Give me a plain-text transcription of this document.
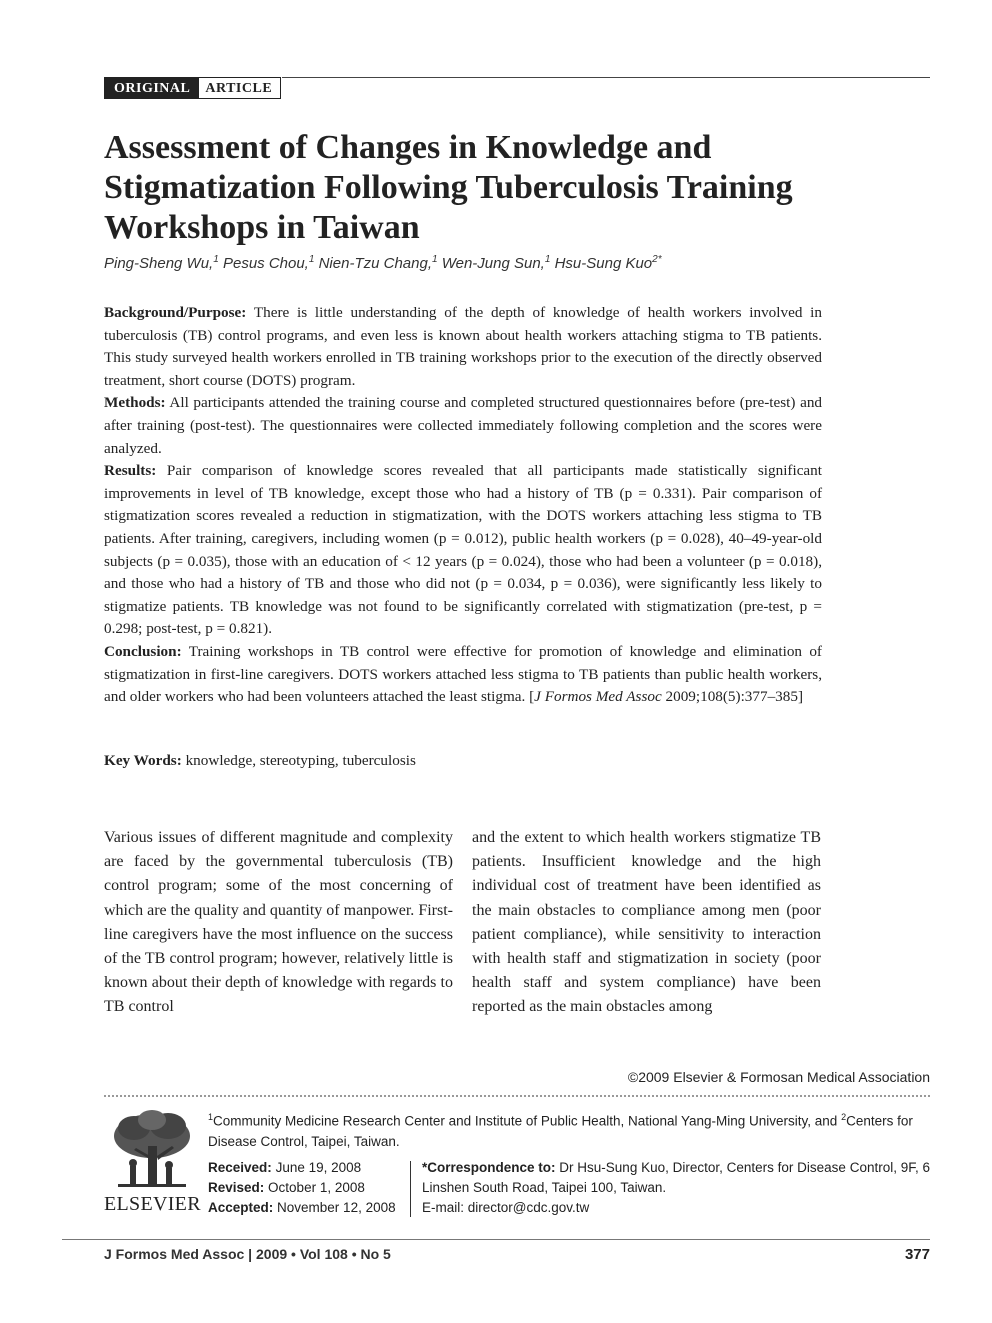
ORIGINAL	ARTICLE
Assessment of Changes in Knowledge and Stigmatization Following Tuberculosis Training Workshops in Taiwan
Ping-Sheng Wu,$^1$ Pesus Chou,$^1$ Nien-Tzu Chang,$^1$ Wen-Jung Sun,$^1$ Hsu-Sung Kuo$^{2*}$

Background/Purpose: There is little understanding of the depth of knowledge of health workers involved in tuberculosis (TB) control programs, and even less is known about health workers attaching stigma to TB patients. This study surveyed health workers enrolled in TB training workshops prior to the execution of the directly observed treatment, short course (DOTS) program.

Methods: All participants attended the training course and completed structured questionnaires before (pre-test) and after training (post-test). The questionnaires were collected immediately following completion and the scores were analyzed.

Results: Pair comparison of knowledge scores revealed that all participants made statistically significant improvements in level of TB knowledge, except those who had a history of TB (p = 0.331). Pair comparison of stigmatization scores revealed a reduction in stigmatization, with the DOTS workers attaching less stigma to TB patients. After training, caregivers, including women (p = 0.012), public health workers (p = 0.028), 40–49-year-old subjects (p = 0.035), those with an education of < 12 years (p = 0.024), those who had been a volunteer (p = 0.018), and those who had a history of TB and those who did not (p = 0.034, p = 0.036), were significantly less likely to stigmatize patients. TB knowledge was not found to be significantly correlated with stigmatization (pre-test, p = 0.298; post-test, p = 0.821).

Conclusion: Training workshops in TB control were effective for promotion of knowledge and elimination of stigmatization in first-line caregivers. DOTS workers attached less stigma to TB patients than public health workers, and older workers who had been volunteers attached the least stigma. [J Formos Med Assoc 2009;108(5):377–385]

Key Words: knowledge, stereotyping, tuberculosis
Various issues of different magnitude and complexity are faced by the governmental tuberculosis (TB) control program; some of the most concerning of which are the quality and quantity of manpower. First-line caregivers have the most influence on the success of the TB control program; however, relatively little is known about their depth of knowledge with regards to TB control
and the extent to which health workers stigmatize TB patients. Insufficient knowledge and the high individual cost of treatment have been identified as the main obstacles to compliance among men (poor patient compliance), while sensitivity to interaction with health staff and stigmatization in society (poor health staff and system compliance) have been reported as the main obstacles among
©2009 Elsevier & Formosan Medical Association
ELSEVIER
$^1$Community Medicine Research Center and Institute of Public Health, National Yang-Ming University, and $^2$Centers for Disease Control, Taipei, Taiwan.
Received: June 19, 2008
Revised: October 1, 2008
Accepted: November 12, 2008
*Correspondence to: Dr Hsu-Sung Kuo, Director, Centers for Disease Control, 9F, 6 Linshen South Road, Taipei 100, Taiwan.
E-mail: director@cdc.gov.tw
J Formos Med Assoc | 2009 • Vol 108 • No 5	377
